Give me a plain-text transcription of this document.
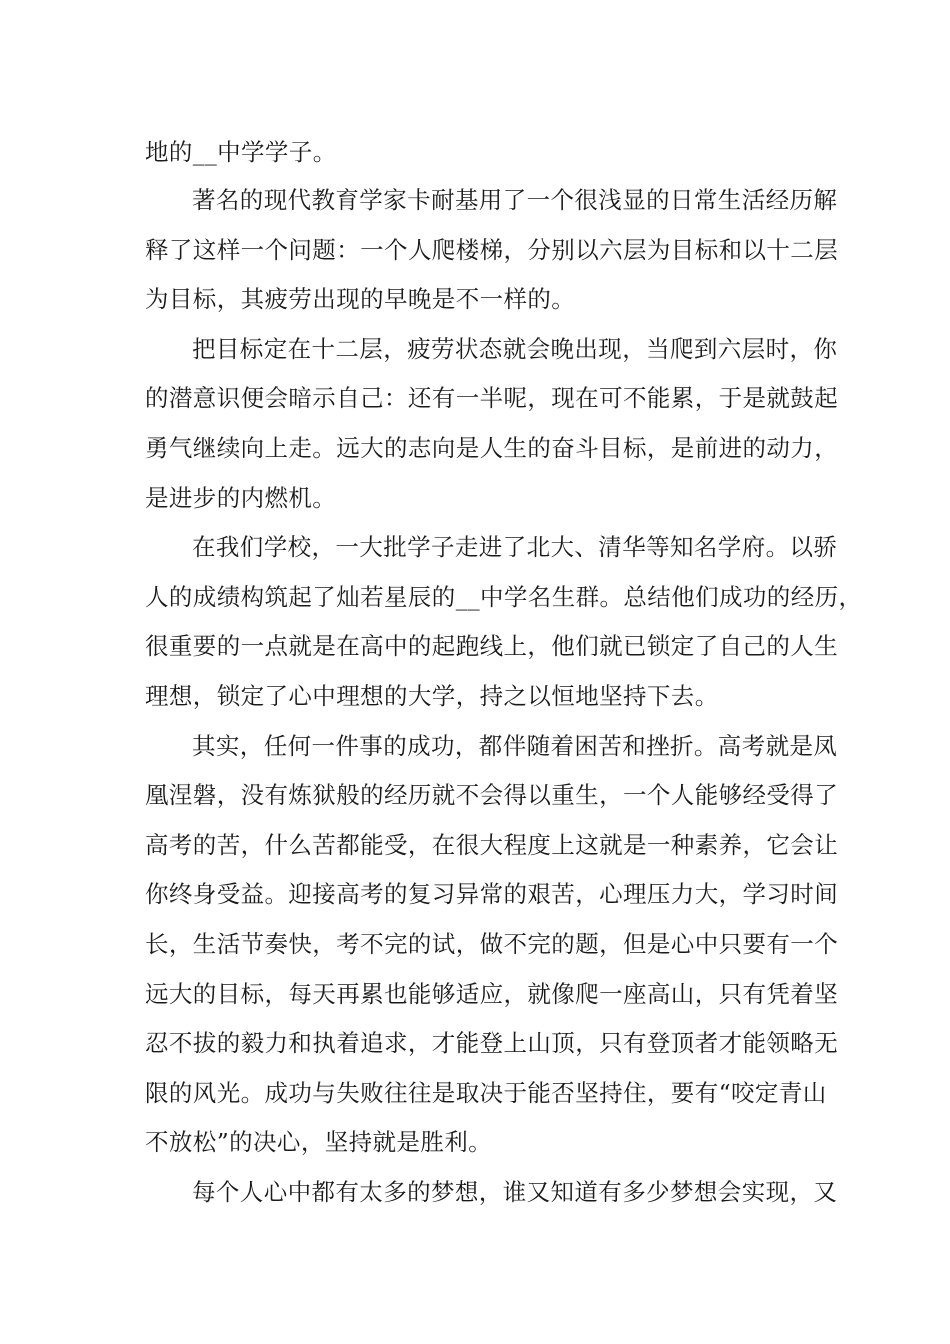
地的__中学学子。
著名的现代教育学家卡耐基用了一个很浅显的日常生活经历解
释了这样一个问题：一个人爬楼梯，分别以六层为目标和以十二层
为目标，其疲劳出现的早晚是不一样的。
把目标定在十二层，疲劳状态就会晚出现，当爬到六层时，你
的潜意识便会暗示自己：还有一半呢，现在可不能累，于是就鼓起
勇气继续向上走。远大的志向是人生的奋斗目标，是前进的动力，
是进步的内燃机。
在我们学校，一大批学子走进了北大、清华等知名学府。以骄
人的成绩构筑起了灿若星辰的__中学名生群。总结他们成功的经历，
很重要的一点就是在高中的起跑线上，他们就已锁定了自己的人生
理想，锁定了心中理想的大学，持之以恒地坚持下去。
其实，任何一件事的成功，都伴随着困苦和挫折。高考就是凤
凰涅磐，没有炼狱般的经历就不会得以重生，一个人能够经受得了
高考的苦，什么苦都能受，在很大程度上这就是一种素养，它会让
你终身受益。迎接高考的复习异常的艰苦，心理压力大，学习时间
长，生活节奏快，考不完的试，做不完的题，但是心中只要有一个
远大的目标，每天再累也能够适应，就像爬一座高山，只有凭着坚
忍不拔的毅力和执着追求，才能登上山顶，只有登顶者才能领略无
限的风光。成功与失败往往是取决于能否坚持住，要有“咬定青山
不放松”的决心，坚持就是胜利。
每个人心中都有太多的梦想，谁又知道有多少梦想会实现，又
